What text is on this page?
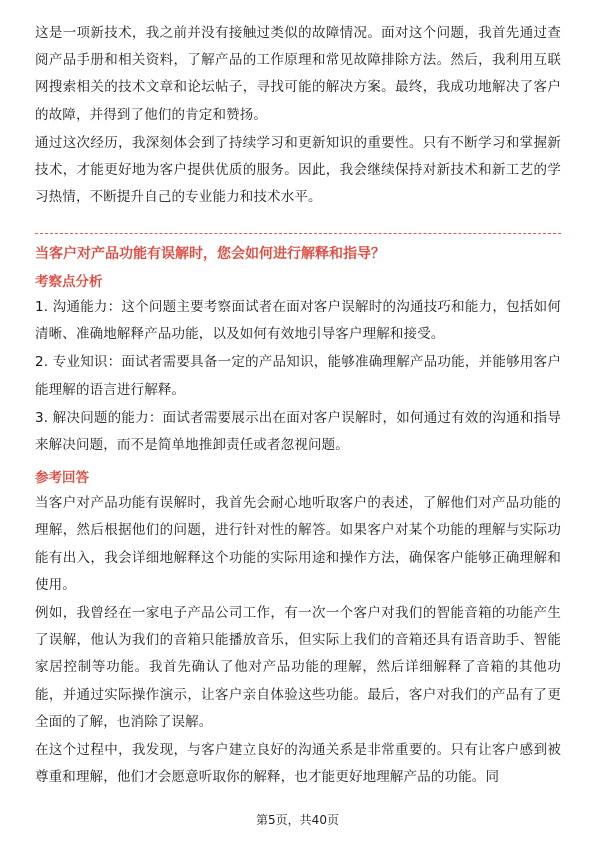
这是一项新技术，我之前并没有接触过类似的故障情况。面对这个问题，我首先通过查阅产品手册和相关资料，了解产品的工作原理和常见故障排除方法。然后，我利用互联网搜索相关的技术文章和论坛帖子，寻找可能的解决方案。最终，我成功地解决了客户的故障，并得到了他们的肯定和赞扬。

通过这次经历，我深刻体会到了持续学习和更新知识的重要性。只有不断学习和掌握新技术，才能更好地为客户提供优质的服务。因此，我会继续保持对新技术和新工艺的学习热情，不断提升自己的专业能力和技术水平。

当客户对产品功能有误解时，您会如何进行解释和指导？

考察点分析

1. 沟通能力：这个问题主要考察面试者在面对客户误解时的沟通技巧和能力，包括如何清晰、准确地解释产品功能，以及如何有效地引导客户理解和接受。

2. 专业知识：面试者需要具备一定的产品知识，能够准确理解产品功能，并能够用客户能理解的语言进行解释。

3. 解决问题的能力：面试者需要展示出在面对客户误解时，如何通过有效的沟通和指导来解决问题，而不是简单地推卸责任或者忽视问题。

参考回答

当客户对产品功能有误解时，我首先会耐心地听取客户的表述，了解他们对产品功能的理解，然后根据他们的问题，进行针对性的解答。如果客户对某个功能的理解与实际功能有出入，我会详细地解释这个功能的实际用途和操作方法，确保客户能够正确理解和使用。

例如，我曾经在一家电子产品公司工作，有一次一个客户对我们的智能音箱的功能产生了误解，他认为我们的音箱只能播放音乐，但实际上我们的音箱还具有语音助手、智能家居控制等功能。我首先确认了他对产品功能的理解，然后详细解释了音箱的其他功能，并通过实际操作演示，让客户亲自体验这些功能。最后，客户对我们的产品有了更全面的了解，也消除了误解。

在这个过程中，我发现，与客户建立良好的沟通关系是非常重要的。只有让客户感到被尊重和理解，他们才会愿意听取你的解释，也才能更好地理解产品的功能。同

第5页，共40页
